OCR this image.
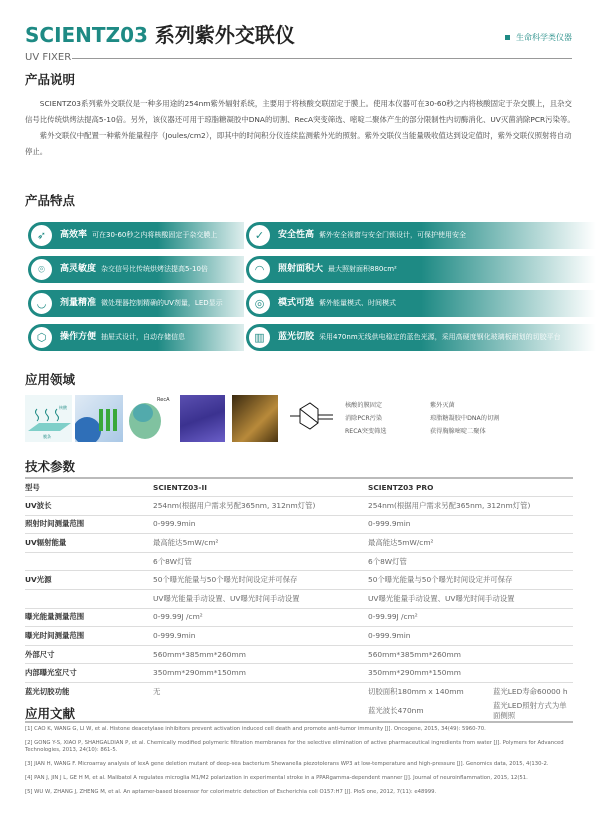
SCIENTZ03 系列紫外交联仪
UV FIXER
生命科学类仪器
产品说明

SCIENTZ03系列紫外交联仪是一种多用途的254nm紫外辐射系统，主要用于将核酸交联固定于膜上。使用本仪器可在30-60秒之内将核酸固定于杂交膜上，且杂交信号比传统烘烤法提高5-10倍。另外，该仪器还可用于琼脂糖凝胶中DNA的切割、RecA突变筛选、嘧啶二聚体产生的部分限制性内切酶消化、UV灭菌消除PCR污染等。

紫外交联仪中配置一种紫外能量程序（Joules/cm2），即其中的时间积分仪连续监测紫外光的照射。紫外交联仪当能量吸收值达到设定值时，紫外交联仪照射将自动停止。

产品特点
➶	高效率 可在30-60秒之内将核酸固定于杂交膜上	✓	安全性高 紫外安全视窗与安全门锁设计，可保护使用安全
⌾	高灵敏度 杂交信号比传统烘烤法提高5-10倍	◠	照射面积大 最大照射面积880cm²
◡	剂量精准 微处理器控制精确的UV剂量，LED显示	◎	模式可选 紫外能量模式、时间模式
⬡	操作方便 抽屉式设计，自动存储信息	▥	蓝光切胶 采用470nm无线供电稳定的蓝色光源，采用高硬度钢化玻璃板耐划的切胶平台
应用领域
核酸
膜条
RecA
核酸的膜固定	紫外灭菌
消除PCR污染	琼脂糖凝胶中DNA的切割
RECA突变筛选	获得胸腺嘧啶二聚体
技术参数
型号	SCIENTZ03-II	SCIENTZ03 PRO	
UV波长	254nm(根据用户需求另配365nm, 312nm灯管)	254nm(根据用户需求另配365nm, 312nm灯管)	
照射时间测量范围	0-999.9min	0-999.9min	
UV辐射能量	最高能达5mW/cm²	最高能达5mW/cm²	
	6个8W灯管	6个8W灯管	
UV光源	50个曝光能量与50个曝光时间设定并可保存	50个曝光能量与50个曝光时间设定并可保存	
	UV曝光能量手动设置、UV曝光时间手动设置	UV曝光能量手动设置、UV曝光时间手动设置	
曝光能量测量范围	0-99.99J /cm²	0-99.99J /cm²	
曝光时间测量范围	0-999.9min	0-999.9min	
外部尺寸	560mm*385mm*260mm	560mm*385mm*260mm	
内部曝光室尺寸	350mm*290mm*150mm	350mm*290mm*150mm	
蓝光切胶功能	无	切胶面积180mm x 140mm	蓝光LED寿命60000 h
		蓝光波长470nm	蓝光LED照射方式为单面侧照
应用文献
[1] CAO K, WANG G, LI W, et al. Histone deacetylase inhibitors prevent activation induced cell death and promote anti-tumor immunity [J]. Oncogene, 2015, 34(49): 5960-70.
[2] GONG Y-S, XIAO P, SHAHGALDIAN P, et al. Chemically modified polymeric filtration membranes for the selective elimination of active pharmaceutical ingredients from water [J]. Polymers for Advanced Technologies, 2013, 24(10): 861-5.
[3] JIAN H, WANG F. Microarray analysis of lexA gene deletion mutant of deep-sea bacterium Shewanella piezotolerans WP3 at low-temperature and high-pressure [J]. Genomics data, 2015, 4(130-2.
[4] PAN J, JIN J L, GE H M, et al. Malibatol A regulates microglia M1/M2 polarization in experimental stroke in a PPARgamma-dependent manner [J]. Journal of neuroinflammation, 2015, 12(51.
[5] WU W, ZHANG J, ZHENG M, et al. An aptamer-based biosensor for colorimetric detection of Escherichia coli O157:H7 [J]. PloS one, 2012, 7(11): e48999.
